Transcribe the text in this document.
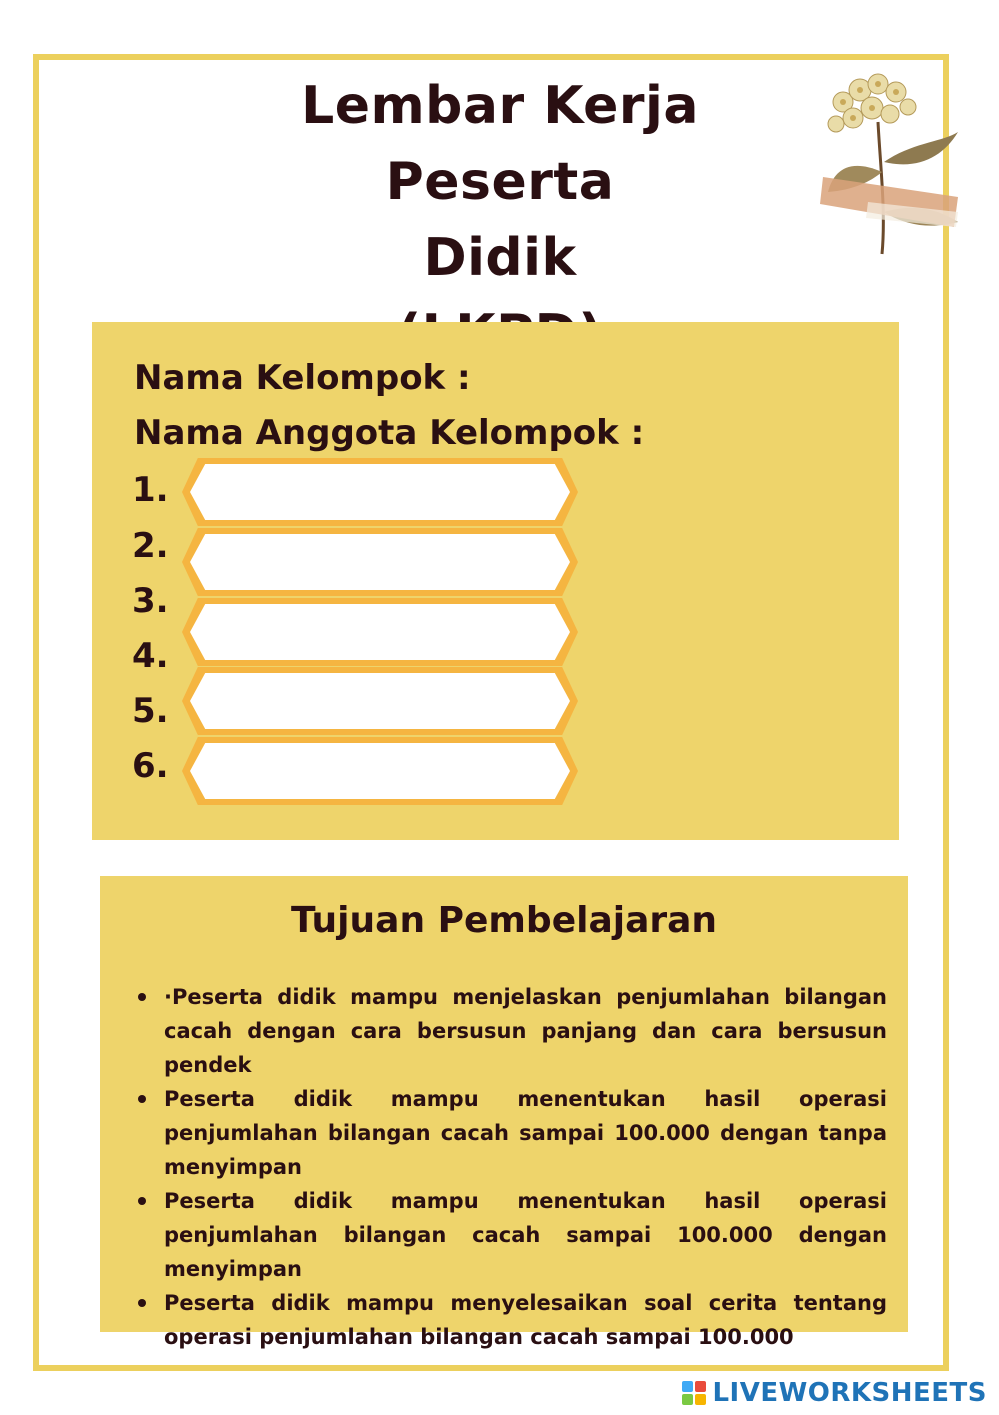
Lembar Kerja Peserta
Didik
Nama Kelompok :
Nama Anggota Kelompok :
1.
2.
3.
4.
5.
6.
Tujuan Pembelajaran
·Peserta didik mampu menjelaskan penjumlahan bilangan cacah dengan cara bersusun panjang dan cara bersusun pendek
Peserta didik mampu menentukan hasil operasi penjumlahan bilangan cacah sampai 100.000 dengan tanpa menyimpan
Peserta didik mampu menentukan hasil operasi penjumlahan bilangan cacah sampai 100.000 dengan menyimpan
Peserta didik mampu menyelesaikan soal cerita tentang operasi penjumlahan bilangan cacah sampai 100.000
LIVEWORKSHEETS
